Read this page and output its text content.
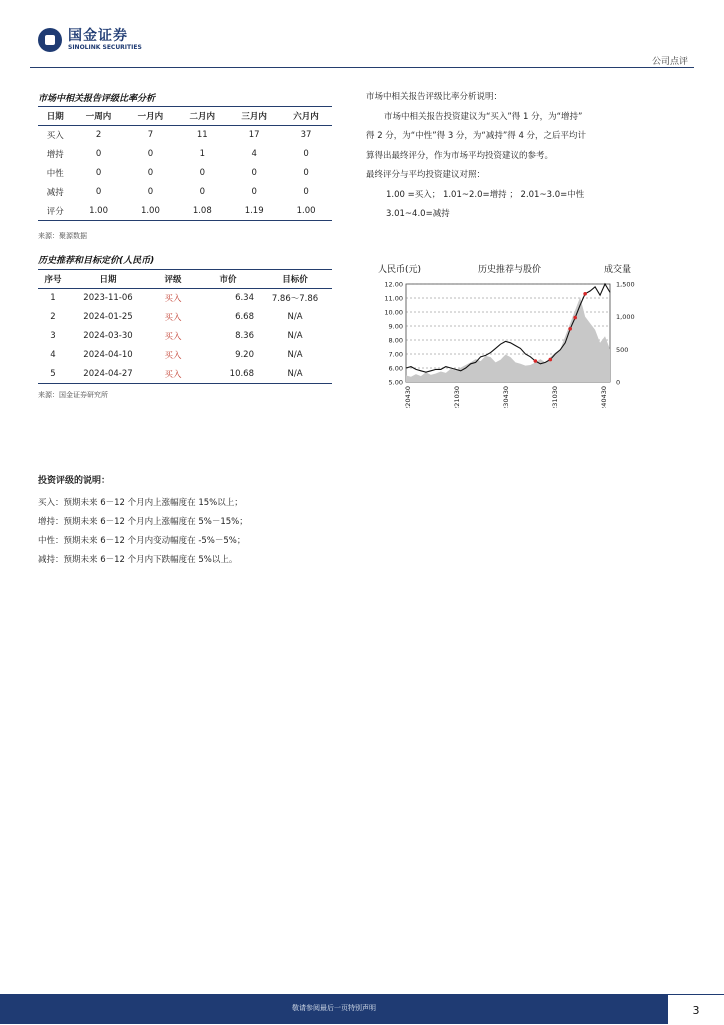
国金证券
SINOLINK SECURITIES
公司点评
市场中相关报告评级比率分析
日期	一周内	一月内	二月内	三月内	六月内
买入	2	7	11	17	37
增持	0	0	1	4	0
中性	0	0	0	0	0
减持	0	0	0	0	0
评分	1.00	1.00	1.08	1.19	1.00
来源：聚源数据
市场中相关报告评级比率分析说明：
市场中相关报告投资建议为“买入”得 1 分，为“增持”
得 2 分，为“中性”得 3 分，为“减持”得 4 分，之后平均计
算得出最终评分，作为市场平均投资建议的参考。
最终评分与平均投资建议对照：
1.00 =买入； 1.01~2.0=增持 ； 2.01~3.0=中性
3.01~4.0=减持
历史推荐和目标定价(人民币)
序号	日期	评级	市价	目标价
1	2023-11-06	买入	6.34	7.86～7.86
2	2024-01-25	买入	6.68	N/A
3	2024-03-30	买入	8.36	N/A
4	2024-04-10	买入	9.20	N/A
5	2024-04-27	买入	10.68	N/A
来源：国金证券研究所
人民币(元)	历史推荐与股价	成交量
5.00
6.00
7.00
8.00
9.00
10.00
11.00
12.00
0
500
1,000
1,500
220430	221030	230430	231030	240430
投资评级的说明：
买入：预期未来 6－12 个月内上涨幅度在 15%以上；
增持：预期未来 6－12 个月内上涨幅度在 5%－15%；
中性：预期未来 6－12 个月内变动幅度在 -5%－5%；
减持：预期未来 6－12 个月内下跌幅度在 5%以上。
敬请参阅最后一页特别声明	3
